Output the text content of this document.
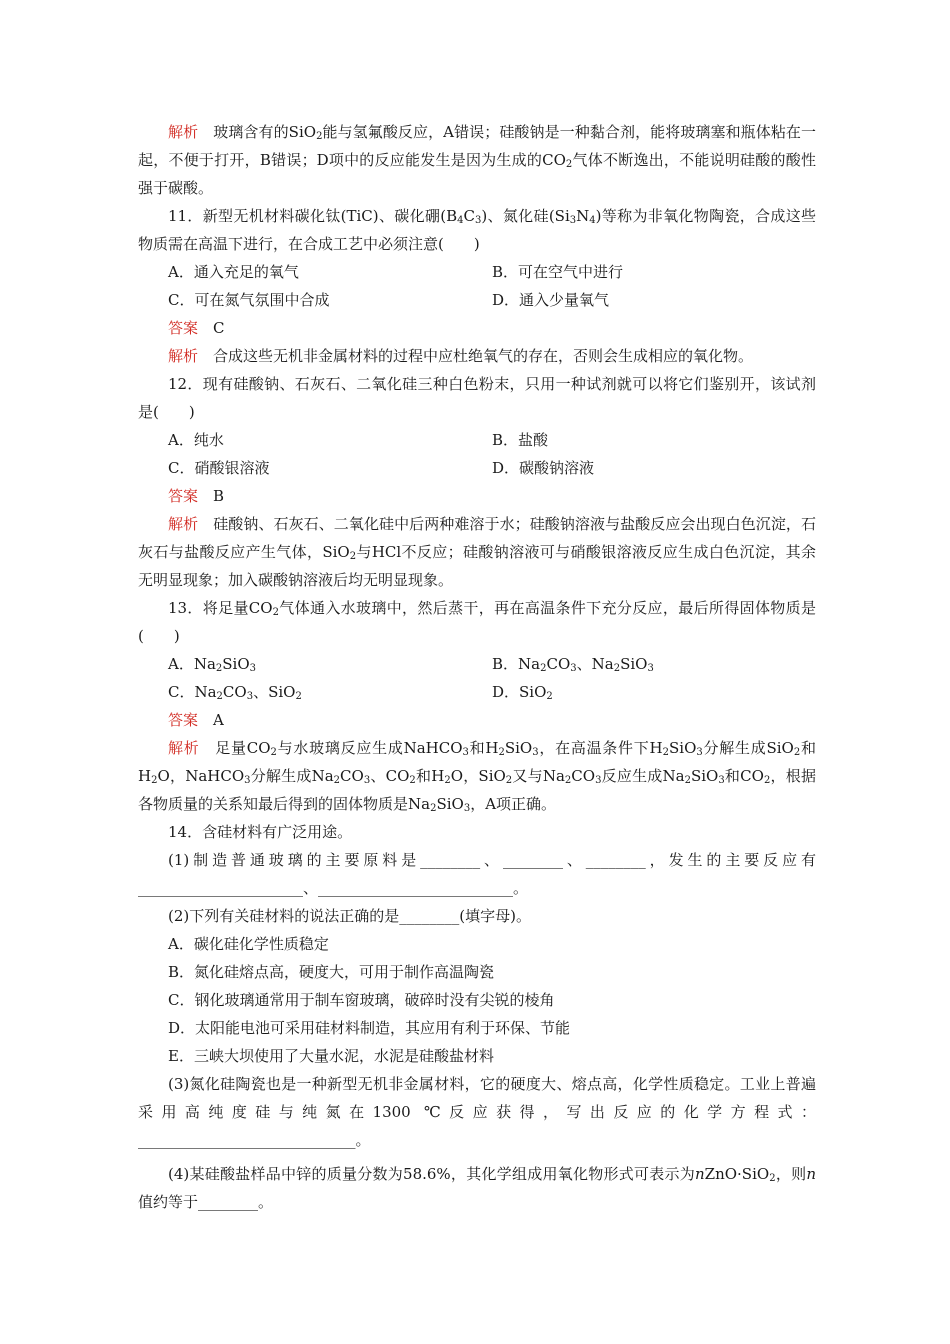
解析　 玻璃含有的SiO$_2$能与氢氟酸反应，A错误；硅酸钠是一种黏合剂，能将玻璃塞和瓶体粘在一起，不便于打开，B错误；D项中的反应能发生是因为生成的$CO_2$气体不断逸出，不能说明硅酸的酸性强于碳酸。

11．新型无机材料碳化钛(TiC)、碳化硼$(B_4C_3)$、氮化硅$(Si_3N_4)$等称为非氧化物陶瓷，合成这些物质需在高温下进行，在合成工艺中必须注意(　　)

A．通入充足的氧气	B．可在空气中进行
C．可在氮气氛围中合成	D．通入少量氧气

答案　 C

解析　 合成这些无机非金属材料的过程中应杜绝氧气的存在，否则会生成相应的氧化物。

12．现有硅酸钠、石灰石、二氧化硅三种白色粉末，只用一种试剂就可以将它们鉴别开，该试剂是(　　)

A．纯水	B．盐酸
C．硝酸银溶液	D．碳酸钠溶液

答案　 B

解析　 硅酸钠、石灰石、二氧化硅中后两种难溶于水；硅酸钠溶液与盐酸反应会出现白色沉淀，石灰石与盐酸反应产生气体，SiO$_2$与HCl不反应；硅酸钠溶液可与硝酸银溶液反应生成白色沉淀，其余无明显现象；加入碳酸钠溶液后均无明显现象。

13．将足量$CO_2$气体通入水玻璃中，然后蒸干，再在高温条件下充分反应，最后所得固体物质是(　　)

A．$Na_2SiO_3$	B．$Na_2CO_3$、$Na_2SiO_3$
C．$Na_2CO_3$、SiO$_2$	D．SiO$_2$

答案　 A

解析　 足量$CO_2$与水玻璃反应生成NaHCO$_3$和$H_2SiO_3$，在高温条件下$H_2SiO_3$分解生成SiO$_2$和$H_2O$，NaHCO$_3$分解生成$Na_2CO_3$、$CO_2$和$H_2O$，SiO$_2$又与$Na_2CO_3$反应生成$Na_2SiO_3$和$CO_2$，根据各物质量的关系知最后得到的固体物质是$Na_2SiO_3$，A项正确。

14．含硅材料有广泛用途。

(1)制造普通玻璃的主要原料是________、________、________，发生的主要反应有______________________、__________________________。

(2)下列有关硅材料的说法正确的是________(填字母)。

A．碳化硅化学性质稳定

B．氮化硅熔点高，硬度大，可用于制作高温陶瓷

C．钢化玻璃通常用于制车窗玻璃，破碎时没有尖锐的棱角

D．太阳能电池可采用硅材料制造，其应用有利于环保、节能

E．三峡大坝使用了大量水泥，水泥是硅酸盐材料

(3)氮化硅陶瓷也是一种新型无机非金属材料，它的硬度大、熔点高，化学性质稳定。工业上普遍采用高纯度硅与纯氮在1300 ℃反应获得，写出反应的化学方程式：_____________________________。

(4)某硅酸盐样品中锌的质量分数为58.6%，其化学组成用氧化物形式可表示为nZnO·SiO$_2$，则n值约等于________。
